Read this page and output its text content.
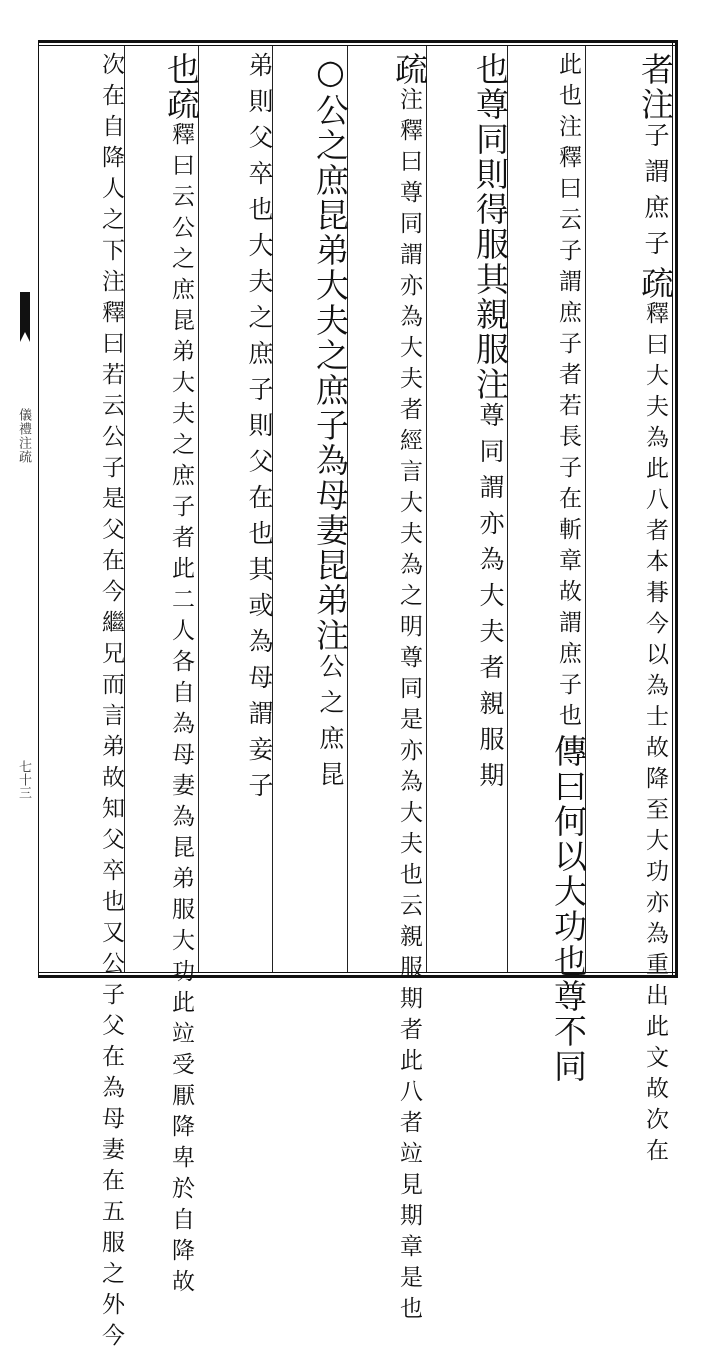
儀禮注疏
七十三
者注子謂庶子疏釋曰大夫為此八者本朞今以為士故降至大功亦為重出此文故次在
此也注釋曰云子謂庶子者若長子在斬章故謂庶子也傳曰何以大功也尊不同
也尊同則得服其親服注尊同謂亦為大夫者親服期
疏注釋曰尊同謂亦為大夫者經言大夫為之明尊同是亦為大夫也云親服期者此八者竝見期章是也
○公之庶昆弟大夫之庶子為母妻昆弟注公之庶昆
弟則父卒也大夫之庶子則父在也其或為母謂妾子
也疏釋曰云公之庶昆弟大夫之庶子者此二人各自為母妻為昆弟服大功此竝受厭降卑於自降故
次在自降人之下注釋曰若云公子是父在今繼兄而言弟故知父卒也又公子父在為母妻在五服之外今
